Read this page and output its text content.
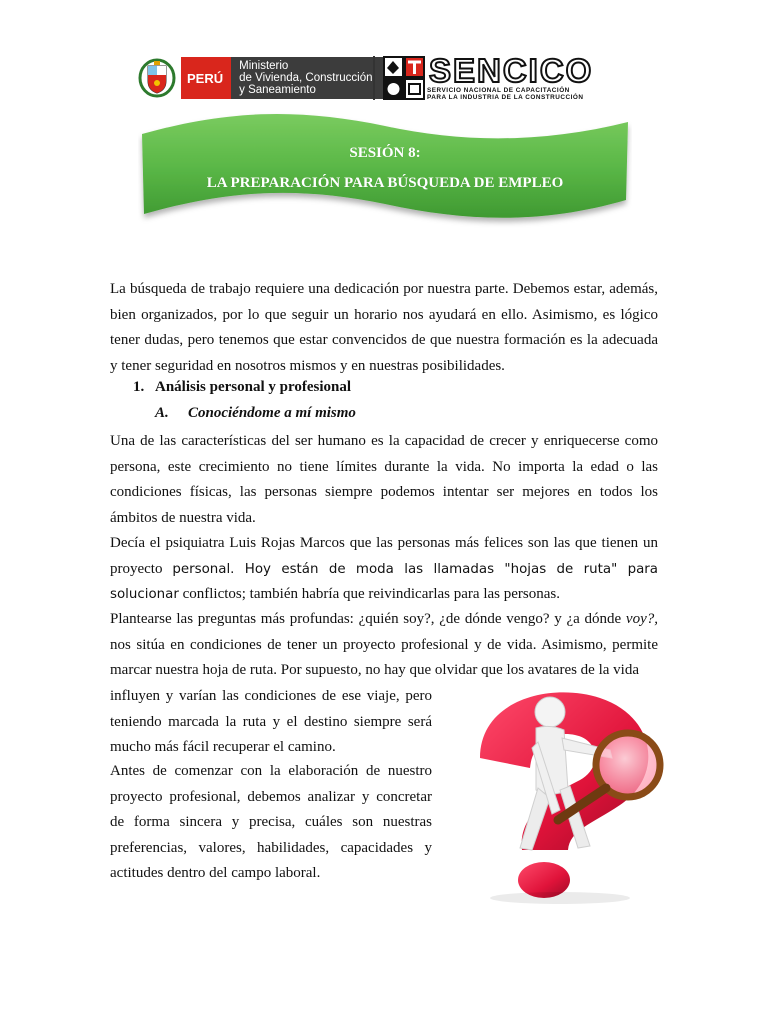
PERÚ
Ministerio
de Vivienda, Construcción
y Saneamiento
SENCICO
SERVICIO NACIONAL DE CAPACITACIÓN
PARA LA INDUSTRIA DE LA CONSTRUCCIÓN
SESIÓN 8:
LA PREPARACIÓN PARA BÚSQUEDA DE EMPLEO

La búsqueda de trabajo requiere una dedicación por nuestra parte. Debemos estar, además, bien organizados, por lo que seguir un horario nos ayudará en ello. Asimismo, es lógico tener dudas, pero tenemos que estar convencidos de que nuestra formación es la adecuada y tener seguridad en nosotros mismos y en nuestras posibilidades.

1. Análisis personal y profesional
A. Conociéndome a mí mismo

Una de las características del ser humano es la capacidad de crecer y enriquecerse como persona, este crecimiento no tiene límites durante la vida. No importa la edad o las condiciones físicas, las personas siempre podemos intentar ser mejores en todos los ámbitos de nuestra vida.

Decía el psiquiatra Luis Rojas Marcos que las personas más felices son las que tienen un proyecto personal. Hoy están de moda las llamadas "hojas de ruta" para solucionar conflictos; también habría que reivindicarlas para las personas.

Plantearse las preguntas más profundas: ¿quién soy?, ¿de dónde vengo? y ¿a dónde voy?, nos sitúa en condiciones de tener un proyecto profesional y de vida. Asimismo, permite marcar nuestra hoja de ruta. Por supuesto, no hay que olvidar que los avatares de la vida

influyen y varían las condiciones de ese viaje, pero teniendo marcada la ruta y el destino siempre será mucho más fácil recuperar el camino.

Antes de comenzar con la elaboración de nuestro proyecto profesional, debemos analizar y concretar de forma sincera y precisa, cuáles son nuestras preferencias, valores, habilidades, capacidades y actitudes dentro del campo laboral.
